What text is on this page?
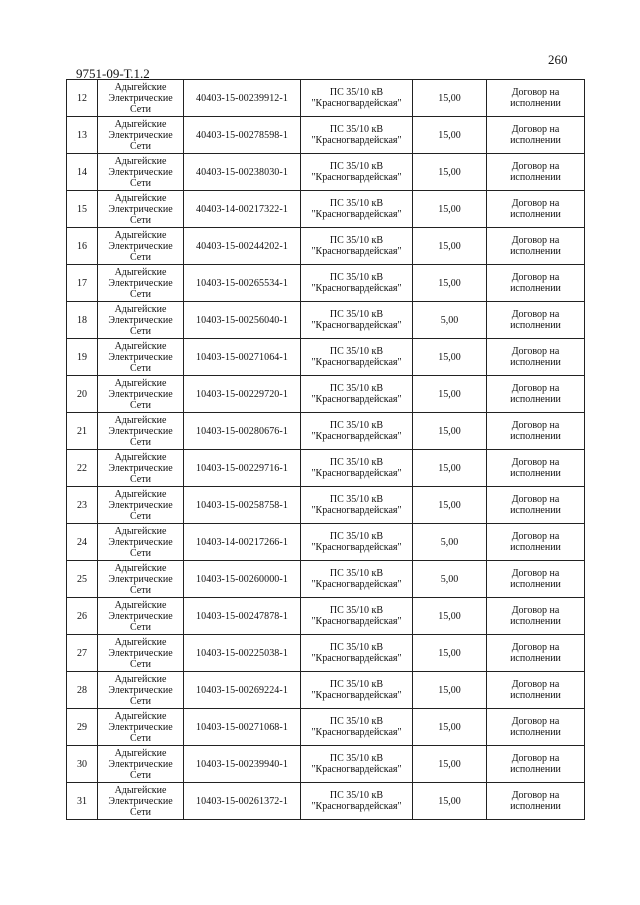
260
9751-09-Т.1.2
12	Адыгейские Электрические Сети	40403-15-00239912-1	ПС 35/10 кВ "Красногвардейская"	15,00	Договор на исполнении
13	Адыгейские Электрические Сети	40403-15-00278598-1	ПС 35/10 кВ "Красногвардейская"	15,00	Договор на исполнении
14	Адыгейские Электрические Сети	40403-15-00238030-1	ПС 35/10 кВ "Красногвардейская"	15,00	Договор на исполнении
15	Адыгейские Электрические Сети	40403-14-00217322-1	ПС 35/10 кВ "Красногвардейская"	15,00	Договор на исполнении
16	Адыгейские Электрические Сети	40403-15-00244202-1	ПС 35/10 кВ "Красногвардейская"	15,00	Договор на исполнении
17	Адыгейские Электрические Сети	10403-15-00265534-1	ПС 35/10 кВ "Красногвардейская"	15,00	Договор на исполнении
18	Адыгейские Электрические Сети	10403-15-00256040-1	ПС 35/10 кВ "Красногвардейская"	5,00	Договор на исполнении
19	Адыгейские Электрические Сети	10403-15-00271064-1	ПС 35/10 кВ "Красногвардейская"	15,00	Договор на исполнении
20	Адыгейские Электрические Сети	10403-15-00229720-1	ПС 35/10 кВ "Красногвардейская"	15,00	Договор на исполнении
21	Адыгейские Электрические Сети	10403-15-00280676-1	ПС 35/10 кВ "Красногвардейская"	15,00	Договор на исполнении
22	Адыгейские Электрические Сети	10403-15-00229716-1	ПС 35/10 кВ "Красногвардейская"	15,00	Договор на исполнении
23	Адыгейские Электрические Сети	10403-15-00258758-1	ПС 35/10 кВ "Красногвардейская"	15,00	Договор на исполнении
24	Адыгейские Электрические Сети	10403-14-00217266-1	ПС 35/10 кВ "Красногвардейская"	5,00	Договор на исполнении
25	Адыгейские Электрические Сети	10403-15-00260000-1	ПС 35/10 кВ "Красногвардейская"	5,00	Договор на исполнении
26	Адыгейские Электрические Сети	10403-15-00247878-1	ПС 35/10 кВ "Красногвардейская"	15,00	Договор на исполнении
27	Адыгейские Электрические Сети	10403-15-00225038-1	ПС 35/10 кВ "Красногвардейская"	15,00	Договор на исполнении
28	Адыгейские Электрические Сети	10403-15-00269224-1	ПС 35/10 кВ "Красногвардейская"	15,00	Договор на исполнении
29	Адыгейские Электрические Сети	10403-15-00271068-1	ПС 35/10 кВ "Красногвардейская"	15,00	Договор на исполнении
30	Адыгейские Электрические Сети	10403-15-00239940-1	ПС 35/10 кВ "Красногвардейская"	15,00	Договор на исполнении
31	Адыгейские Электрические Сети	10403-15-00261372-1	ПС 35/10 кВ "Красногвардейская"	15,00	Договор на исполнении
